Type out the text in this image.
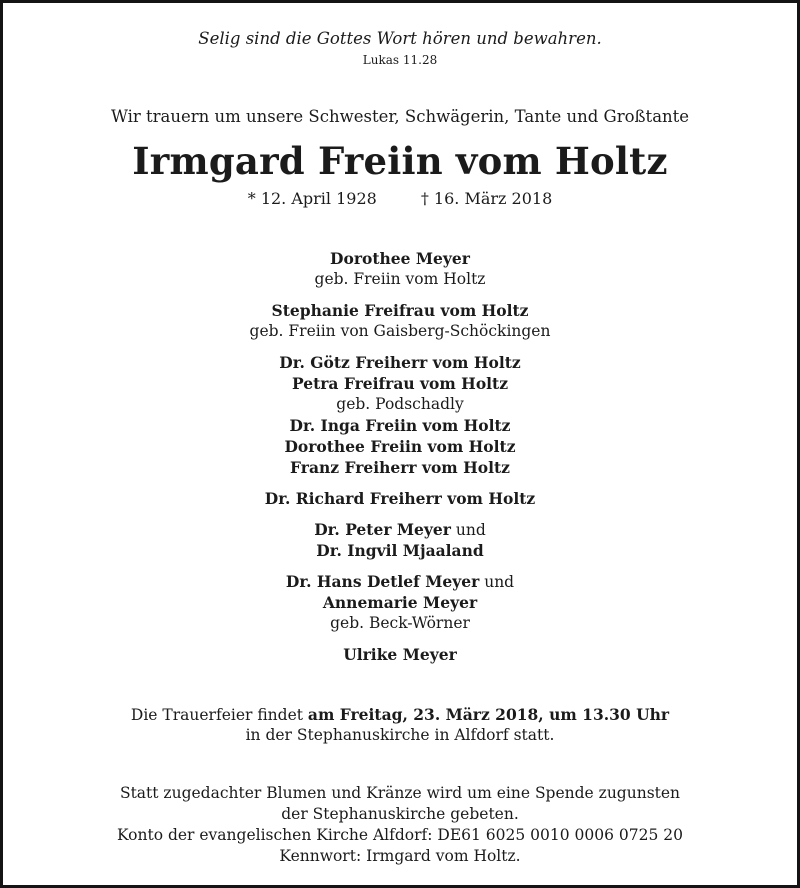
Selig sind die Gottes Wort hören und bewahren.
Lukas 11.28
Wir trauern um unsere Schwester, Schwägerin, Tante und Großtante
Irmgard Freiin vom Holtz
* 12. April 1928	† 16. März 2018
Dorothee Meyer
geb. Freiin vom Holtz
Stephanie Freifrau vom Holtz
geb. Freiin von Gaisberg-Schöckingen
Dr. Götz Freiherr vom Holtz
Petra Freifrau vom Holtz
geb. Podschadly
Dr. Inga Freiin vom Holtz
Dorothee Freiin vom Holtz
Franz Freiherr vom Holtz
Dr. Richard Freiherr vom Holtz
Dr. Peter Meyer und
Dr. Ingvil Mjaaland
Dr. Hans Detlef Meyer und
Annemarie Meyer
geb. Beck-Wörner
Ulrike Meyer
Die Trauerfeier findet am Freitag, 23. März 2018, um 13.30 Uhr
in der Stephanuskirche in Alfdorf statt.
Statt zugedachter Blumen und Kränze wird um eine Spende zugunsten
der Stephanuskirche gebeten.
Konto der evangelischen Kirche Alfdorf: DE61 6025 0010 0006 0725 20
Kennwort: Irmgard vom Holtz.
